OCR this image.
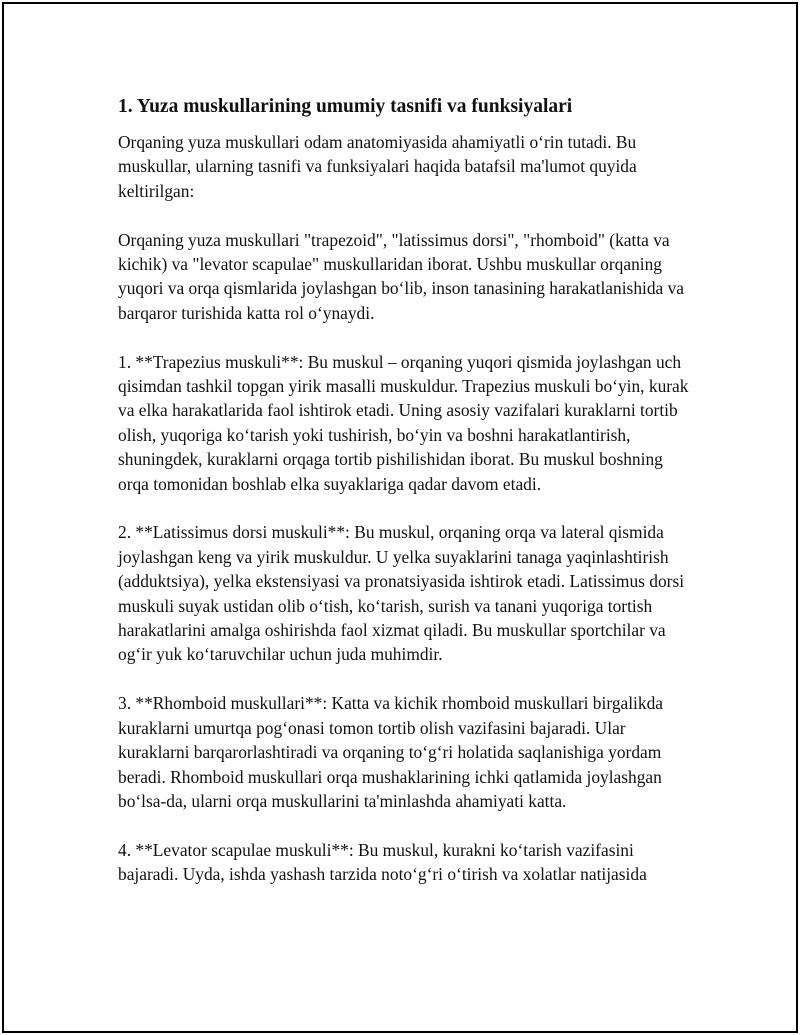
1. Yuza muskullarining umumiy tasnifi va funksiyalari

Orqaning yuza muskullari odam anatomiyasida ahamiyatli o‘rin tutadi. Bu muskullar, ularning tasnifi va funksiyalari haqida batafsil ma'lumot quyida keltirilgan:

Orqaning yuza muskullari "trapezoid", "latissimus dorsi", "rhomboid" (katta va kichik) va "levator scapulae" muskullaridan iborat. Ushbu muskullar orqaning yuqori va orqa qismlarida joylashgan bo‘lib, inson tanasining harakatlanishida va barqaror turishida katta rol o‘ynaydi.

1. **Trapezius muskuli**: Bu muskul – orqaning yuqori qismida joylashgan uch qisimdan tashkil topgan yirik masalli muskuldur. Trapezius muskuli bo‘yin, kurak va elka harakatlarida faol ishtirok etadi. Uning asosiy vazifalari kuraklarni tortib olish, yuqoriga ko‘tarish yoki tushirish, bo‘yin va boshni harakatlantirish, shuningdek, kuraklarni orqaga tortib pishilishidan iborat. Bu muskul boshning orqa tomonidan boshlab elka suyaklariga qadar davom etadi.

2. **Latissimus dorsi muskuli**: Bu muskul, orqaning orqa va lateral qismida joylashgan keng va yirik muskuldur. U yelka suyaklarini tanaga yaqinlashtirish (adduktsiya), yelka ekstensiyasi va pronatsiyasida ishtirok etadi. Latissimus dorsi muskuli suyak ustidan olib o‘tish, ko‘tarish, surish va tanani yuqoriga tortish harakatlarini amalga oshirishda faol xizmat qiladi. Bu muskullar sportchilar va og‘ir yuk ko‘taruvchilar uchun juda muhimdir.

3. **Rhomboid muskullari**: Katta va kichik rhomboid muskullari birgalikda kuraklarni umurtqa pog‘onasi tomon tortib olish vazifasini bajaradi. Ular kuraklarni barqarorlashtiradi va orqaning to‘g‘ri holatida saqlanishiga yordam beradi. Rhomboid muskullari orqa mushaklarining ichki qatlamida joylashgan bo‘lsa-da, ularni orqa muskullarini ta'minlashda ahamiyati katta.

4. **Levator scapulae muskuli**: Bu muskul, kurakni ko‘tarish vazifasini bajaradi. Uyda, ishda yashash tarzida noto‘g‘ri o‘tirish va xolatlar natijasida
